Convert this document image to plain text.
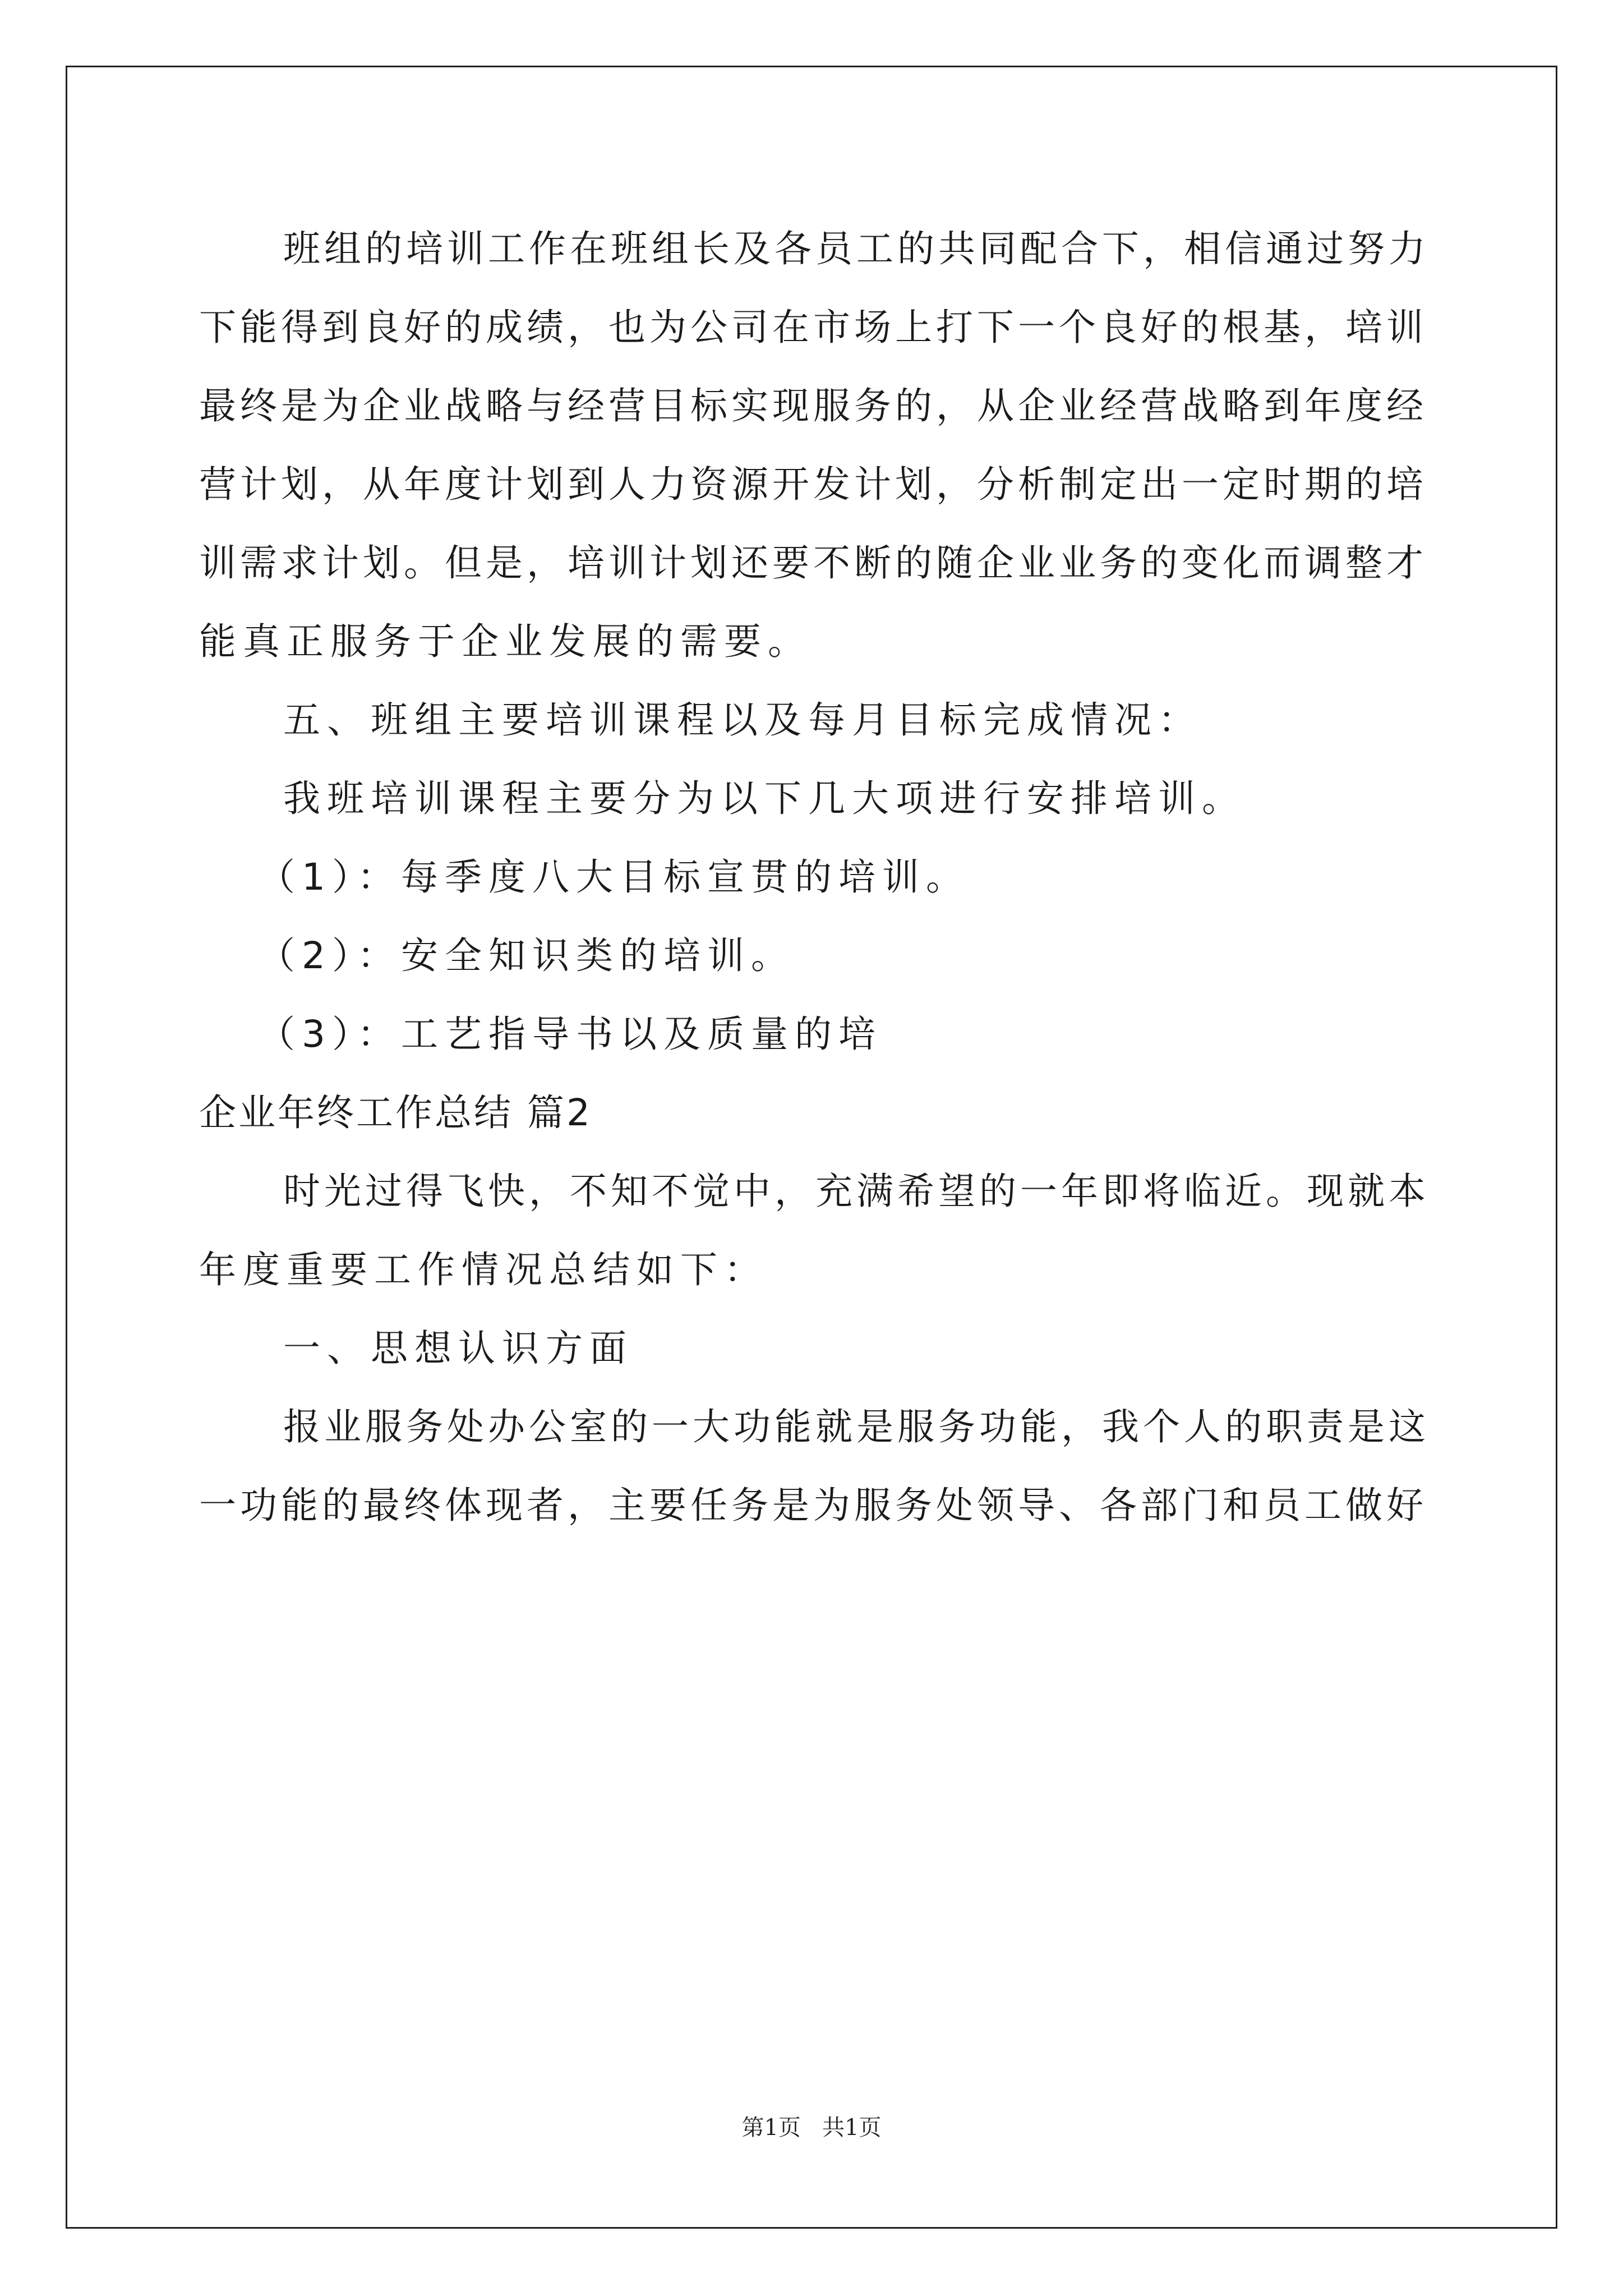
班组的培训工作在班组长及各员工的共同配合下，相信通过努力
下能得到良好的成绩，也为公司在市场上打下一个良好的根基，培训
最终是为企业战略与经营目标实现服务的，从企业经营战略到年度经
营计划，从年度计划到人力资源开发计划，分析制定出一定时期的培
训需求计划。但是，培训计划还要不断的随企业业务的变化而调整才
能真正服务于企业发展的需要。
五、班组主要培训课程以及每月目标完成情况：
我班培训课程主要分为以下几大项进行安排培训。
（1）：每季度八大目标宣贯的培训。
（2）：安全知识类的培训。
（3）：工艺指导书以及质量的培
企业年终工作总结 篇2
时光过得飞快，不知不觉中，充满希望的一年即将临近。现就本
年度重要工作情况总结如下：
一、思想认识方面
报业服务处办公室的一大功能就是服务功能，我个人的职责是这
一功能的最终体现者，主要任务是为服务处领导、各部门和员工做好
第1页   共1页
